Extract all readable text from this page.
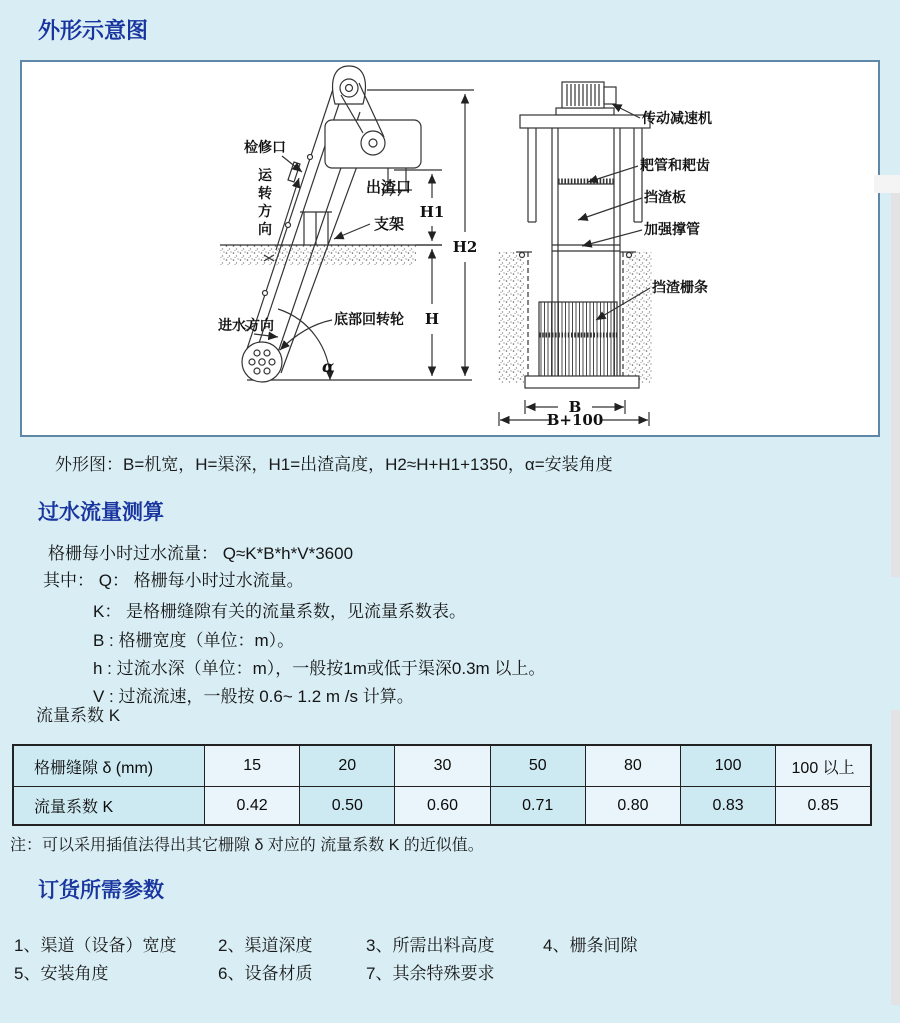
外形示意图
检修口
运
转
方
向
出渣口
支架
进水方向	底部回转轮
α
H1
H
H2
传动减速机
耙管和耙齿
挡渣板
加强撑管
挡渣栅条
B
B+100
外形图：B=机宽，H=渠深，H1=出渣高度，H2≈H+H1+1350，α=安装角度
过水流量测算
格栅每小时过水流量： Q≈K*B*h*V*3600
其中： Q： 格栅每小时过水流量。
K： 是格栅缝隙有关的流量系数，见流量系数表。
B : 格栅宽度（单位：m）。
h : 过流水深（单位：m），一般按1m或低于渠深0.3m 以上。
V : 过流流速，一般按 0.6~ 1.2 m /s 计算。
流量系数 K
格栅缝隙 δ (mm)	15	20	30	50	80	100	100 以上
流量系数 K	0.42	0.50	0.60	0.71	0.80	0.83	0.85
注：可以采用插值法得出其它栅隙 δ 对应的 流量系数 K 的近似值。
订货所需参数
1、渠道（设备）宽度 2、渠道深度	3、所需出料高度	4、栅条间隙
5、安装角度	6、设备材质	7、其余特殊要求
